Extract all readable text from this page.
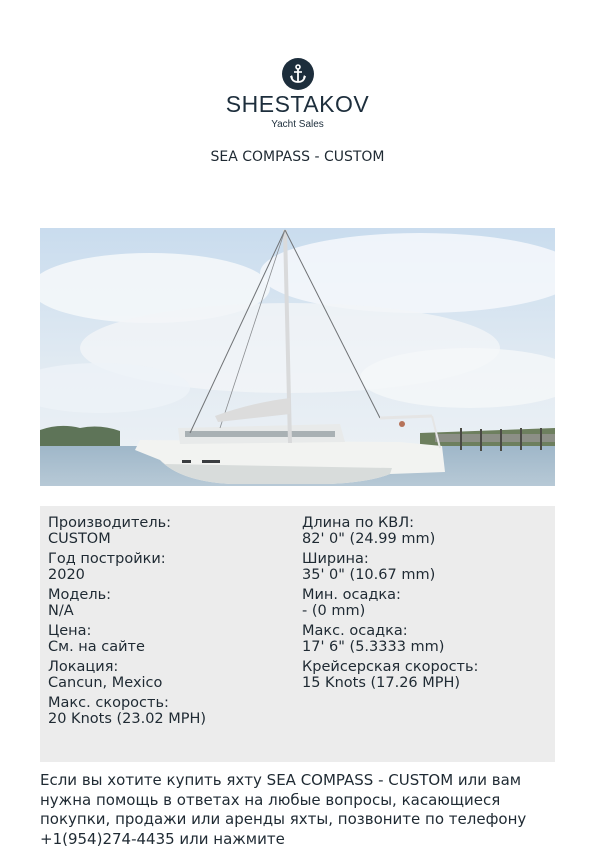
SHESTAKOV
Yacht Sales
SEA COMPASS - CUSTOM
Производитель:
CUSTOM
Год постройки:
2020
Модель:
N/A
Цена:
См. на сайте
Локация:
Cancun, Mexico
Макс. скорость:
20 Knots (23.02 MPH)
Длина по КВЛ:
82' 0" (24.99 mm)
Ширина:
35' 0" (10.67 mm)
Мин. осадка:
- (0 mm)
Макс. осадка:
17' 6" (5.3333 mm)
Крейсерская скорость:
15 Knots (17.26 MPH)
Если вы хотите купить яхту SEA COMPASS - CUSTOM или вам нужна помощь в ответах на любые вопросы, касающиеся покупки, продажи или аренды яхты, позвоните по телефону +1(954)274-4435 или нажмите
